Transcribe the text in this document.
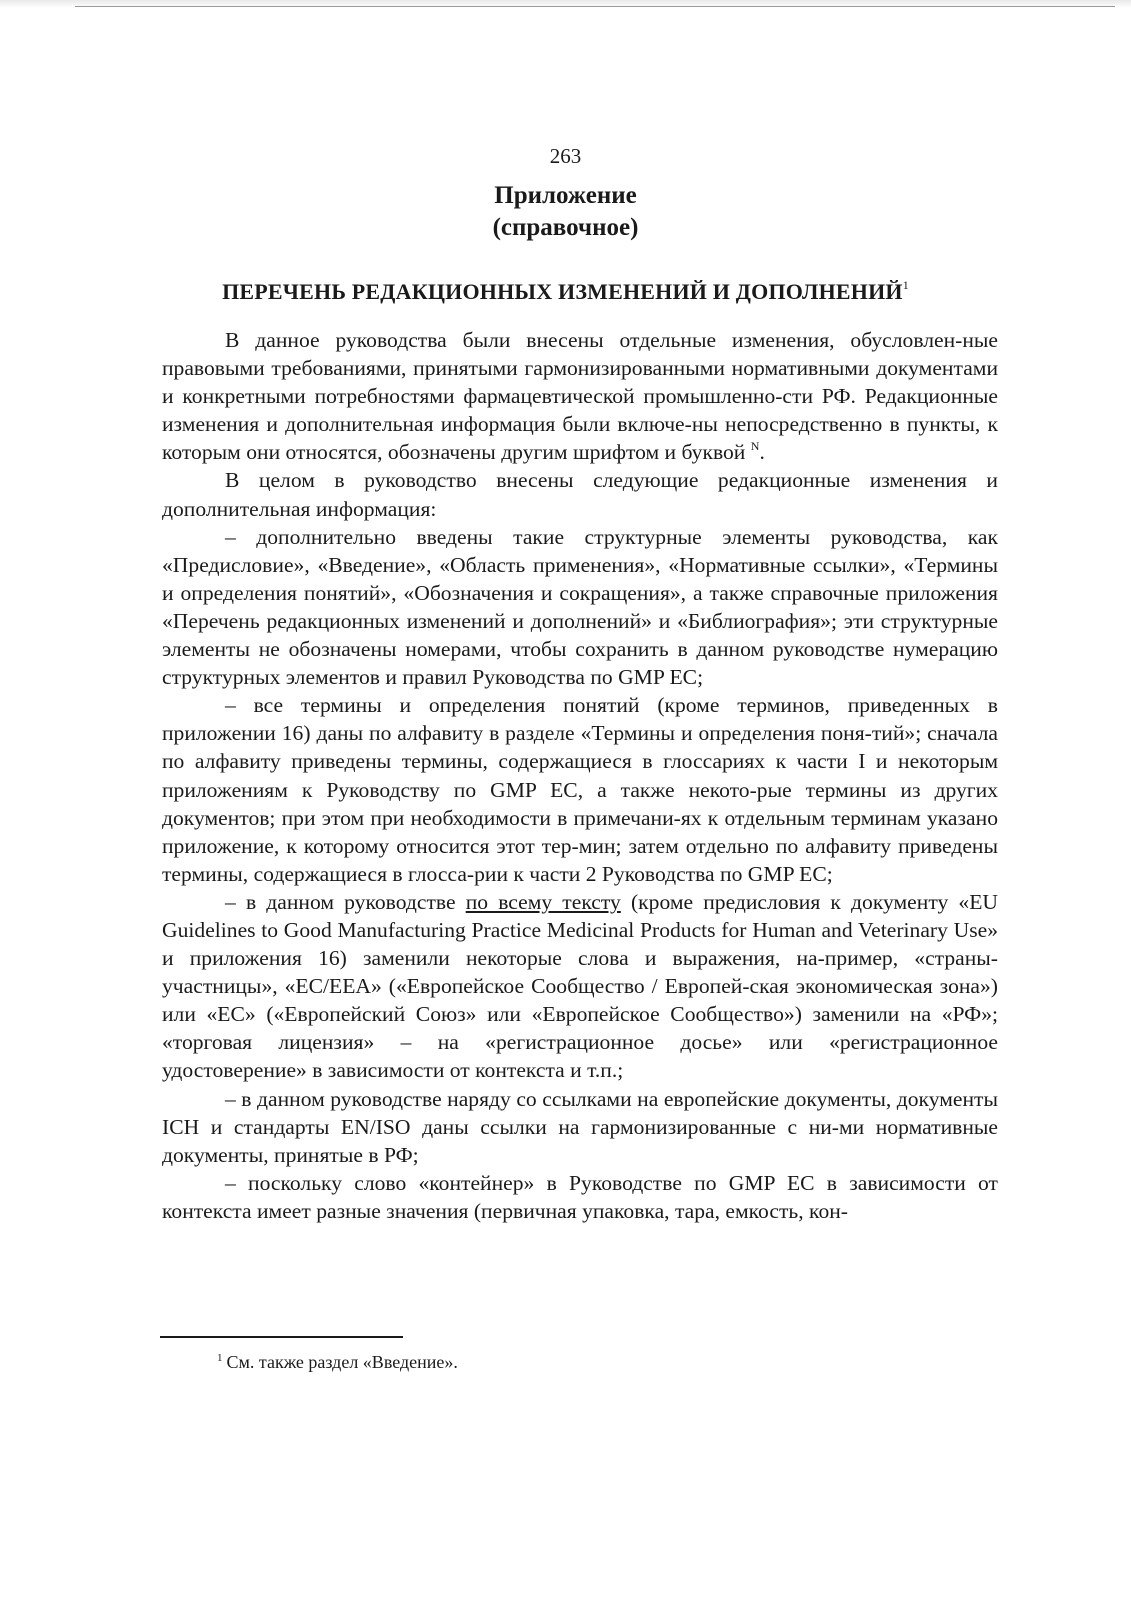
263
Приложение
(справочное)
ПЕРЕЧЕНЬ РЕДАКЦИОННЫХ ИЗМЕНЕНИЙ И ДОПОЛНЕНИЙ$^1$

В данное руководства были внесены отдельные изменения, обусловлен-ные правовыми требованиями, принятыми гармонизированными нормативными документами и конкретными потребностями фармацевтической промышленно-сти РФ. Редакционные изменения и дополнительная информация были включе-ны непосредственно в пункты, к которым они относятся, обозначены другим шрифтом и буквой $^N$.

В целом в руководство внесены следующие редакционные изменения и дополнительная информация:

– дополнительно введены такие структурные элементы руководства, как «Предисловие», «Введение», «Область применения», «Нормативные ссылки», «Термины и определения понятий», «Обозначения и сокращения», а также справочные приложения «Перечень редакционных изменений и дополнений» и «Библиография»; эти структурные элементы не обозначены номерами, чтобы сохранить в данном руководстве нумерацию структурных элементов и правил Руководства по GMP ЕС;

– все термины и определения понятий (кроме терминов, приведенных в приложении 16) даны по алфавиту в разделе «Термины и определения поня-тий»; сначала по алфавиту приведены термины, содержащиеся в глоссариях к части I и некоторым приложениям к Руководству по GMP ЕС, а также некото-рые термины из других документов; при этом при необходимости в примечани-ях к отдельным терминам указано приложение, к которому относится этот тер-мин; затем отдельно по алфавиту приведены термины, содержащиеся в глосса-рии к части 2 Руководства по GMP ЕС;

– в данном руководстве по всему тексту (кроме предисловия к документу «EU Guidelines to Good Manufacturing Practice Medicinal Products for Human and Veterinary Use» и приложения 16) заменили некоторые слова и выражения, на-пример, «страны-участницы», «ЕС/ЕЕА» («Европейское Сообщество / Европей-ская экономическая зона») или «ЕС» («Европейский Союз» или «Европейское Сообщество») заменили на «РФ»; «торговая лицензия» – на «регистрационное досье» или «регистрационное удостоверение» в зависимости от контекста и т.п.;

– в данном руководстве наряду со ссылками на европейские документы, документы ICH и стандарты EN/ISO даны ссылки на гармонизированные с ни-ми нормативные документы, принятые в РФ;

– поскольку слово «контейнер» в Руководстве по GMP ЕС в зависимости от контекста имеет разные значения (первичная упаковка, тара, емкость, кон-

$^1$ См. также раздел «Введение».
